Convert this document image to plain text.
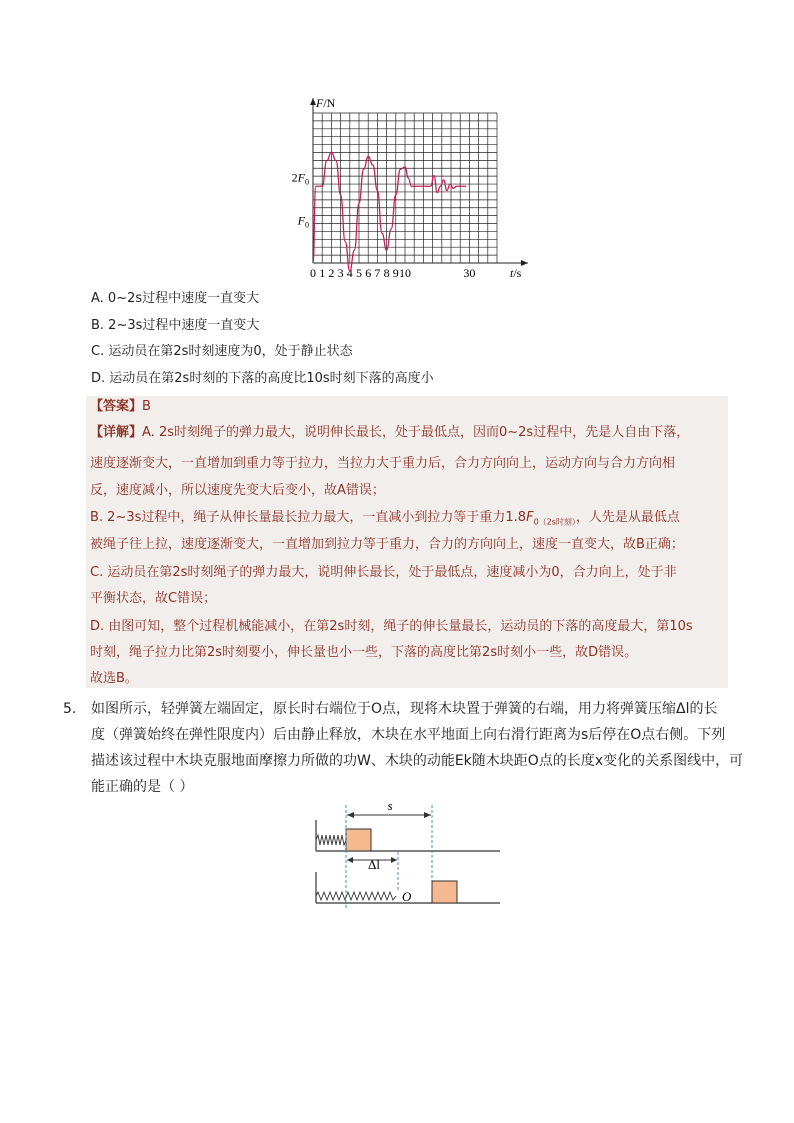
F/N
t/s
0 1 2 3 4 5 6 7 8 9 10	30
$F_0$
$2F_0$
A. 0~2s过程中速度一直变大
B. 2~3s过程中速度一直变大
C. 运动员在第2s时刻速度为0，处于静止状态
D. 运动员在第2s时刻的下落的高度比10s时刻下落的高度小
【答案】B
【详解】A. 2s时刻绳子的弹力最大，说明伸长最长，处于最低点，因而0~2s过程中，先是人自由下落，
速度逐渐变大，一直增加到重力等于拉力，当拉力大于重力后，合力方向向上，运动方向与合力方向相
反，速度减小，所以速度先变大后变小，故A错误；
B. 2~3s过程中，绳子从伸长量最长拉力最大，一直减小到拉力等于重力$1.8F_{0(2s时刻)}$，人先是从最低点
被绳子往上拉，速度逐渐变大，一直增加到拉力等于重力，合力的方向向上，速度一直变大，故B正确；
C. 运动员在第2s时刻绳子的弹力最大，说明伸长最长，处于最低点，速度减小为0，合力向上，处于非
平衡状态，故C错误；
D. 由图可知，整个过程机械能减小，在第2s时刻，绳子的伸长量最长，运动员的下落的高度最大，第10s
时刻，绳子拉力比第2s时刻要小，伸长量也小一些，下落的高度比第2s时刻小一些，故D错误。
故选B。
5. 如图所示，轻弹簧左端固定，原长时右端位于O点，现将木块置于弹簧的右端，用力将弹簧压缩Δl的长
度（弹簧始终在弹性限度内）后由静止释放，木块在水平地面上向右滑行距离为s后停在O点右侧。下列
描述该过程中木块克服地面摩擦力所做的功W、木块的动能Ek随木块距O点的长度x变化的关系图线中，可
能正确的是（ ）
s
Δl
O
